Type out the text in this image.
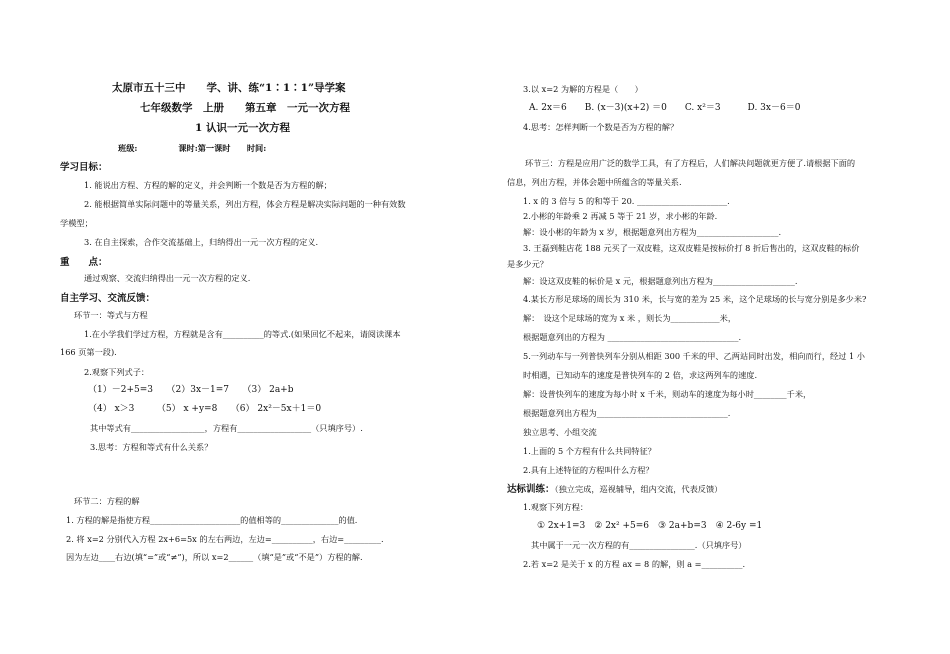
太原市五十三中　　学、讲、练“1∶1∶1”导学案
七年级数学　上册　　第五章　一元一次方程
1 认识一元一次方程
班级:　　　　　课时:第一课时　　时间:
学习目标：
1. 能说出方程、方程的解的定义，并会判断一个数是否为方程的解；
2. 能根据简单实际问题中的等量关系，列出方程，体会方程是解决实际问题的一种有效数
学模型；
3. 在自主探索，合作交流基础上，归纳得出一元一次方程的定义.
重　　点：
通过观察、交流归纳得出一元一次方程的定义.
自主学习、交流反馈：
环节一：等式与方程
1.在小学我们学过方程，方程就是含有__________的等式.(如果回忆不起来，请阅读课本
166 页第一段).
2.观察下列式子：
（1）－2+5=3　　（2）3x－1=7　　（3） 2a+b
（4） x＞3　　　（5） x +y=8　　（6） 2x²－5x＋1＝0
其中等式有__________________，方程有__________________（只填序号）.
3.思考：方程和等式有什么关系？
环节二：方程的解
1. 方程的解是指使方程______________________的值相等的______________的值.
2. 将 x=2 分别代入方程 2x+6=5x 的左右两边，左边=__________，右边=_________.
因为左边____右边(填“=”或“≠”)，所以 x=2______（填“是”或“不是”）方程的解.
3.以 x=2 为解的方程是（　　）
A. 2x＝6　　B. (x－3)(x+2) ＝0　　C. x²＝3　　　D. 3x－6＝0
4.思考：怎样判断一个数是否为方程的解？
环节三：方程是应用广泛的数学工具，有了方程后，人们解决问题就更方便了.请根据下面的
信息，列出方程，并体会题中所蕴含的等量关系.
1. x 的 3 倍与 5 的和等于 20. ______________________.
2.小彬的年龄乘 2 再减 5 等于 21 岁，求小彬的年龄.
解：设小彬的年龄为 x 岁，根据题意列出方程为____________________.
3. 王磊到鞋店花 188 元买了一双皮鞋，这双皮鞋是按标价打 8 折后售出的，这双皮鞋的标价
是多少元？
解：设这双皮鞋的标价是 x 元，根据题意列出方程为____________________.
4.某长方形足球场的周长为 310 米，长与宽的差为 25 米，这个足球场的长与宽分别是多少米?
解：　设这个足球场的宽为 x 米 ，则长为____________米，
根据题意列出的方程为 ________________________________.
5.一列动车与一列普快列车分别从相距 300 千米的甲、乙两站同时出发，相向而行，经过 1 小
时相遇，已知动车的速度是普快列车的 2 倍，求这两列车的速度.
解：设普快列车的速度为每小时 x 千米，则动车的速度为每小时________千米，
根据题意列出方程为________________________________.
独立思考、小组交流
1.上面的 5 个方程有什么共同特征？
2.具有上述特征的方程叫什么方程？
达标训练：（独立完成，巡视辅导，组内交流，代表反馈）
1.观察下列方程：
① 2x+1=3　② 2x² +5=6　③ 2a+b=3　④ 2-6y =1
其中属于一元一次方程的有________________.（只填序号）
2.若 x=2 是关于 x 的方程 ax = 8 的解，则 a =__________.
